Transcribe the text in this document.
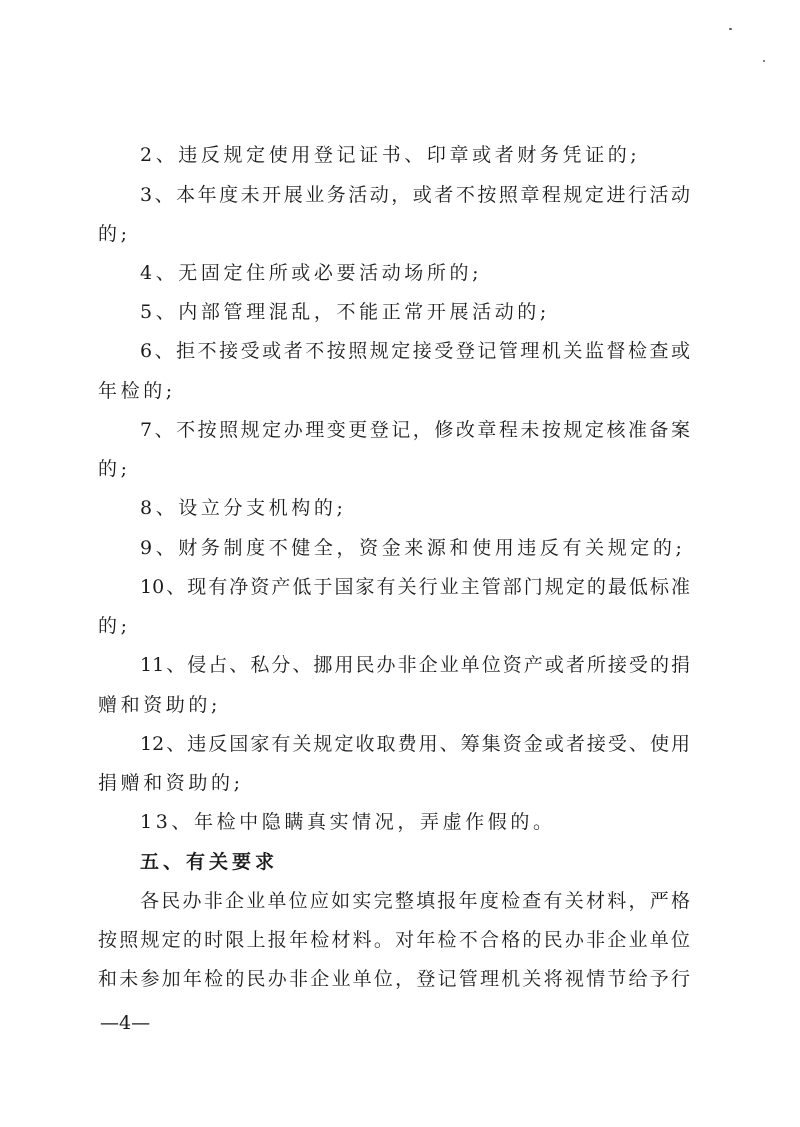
2、违反规定使用登记证书、印章或者财务凭证的;
3、本年度未开展业务活动，或者不按照章程规定进行活动
的;
4、无固定住所或必要活动场所的;
5、内部管理混乱，不能正常开展活动的;
6、拒不接受或者不按照规定接受登记管理机关监督检查或
年检的;
7、不按照规定办理变更登记，修改章程未按规定核准备案
的;
8、设立分支机构的;
9、财务制度不健全，资金来源和使用违反有关规定的;
10、现有净资产低于国家有关行业主管部门规定的最低标准
的;
11、侵占、私分、挪用民办非企业单位资产或者所接受的捐
赠和资助的;
12、违反国家有关规定收取费用、筹集资金或者接受、使用
捐赠和资助的;
13、年检中隐瞒真实情况，弄虚作假的。
五、有关要求
各民办非企业单位应如实完整填报年度检查有关材料，严格
按照规定的时限上报年检材料。对年检不合格的民办非企业单位
和未参加年检的民办非企业单位，登记管理机关将视情节给予行
—4—
